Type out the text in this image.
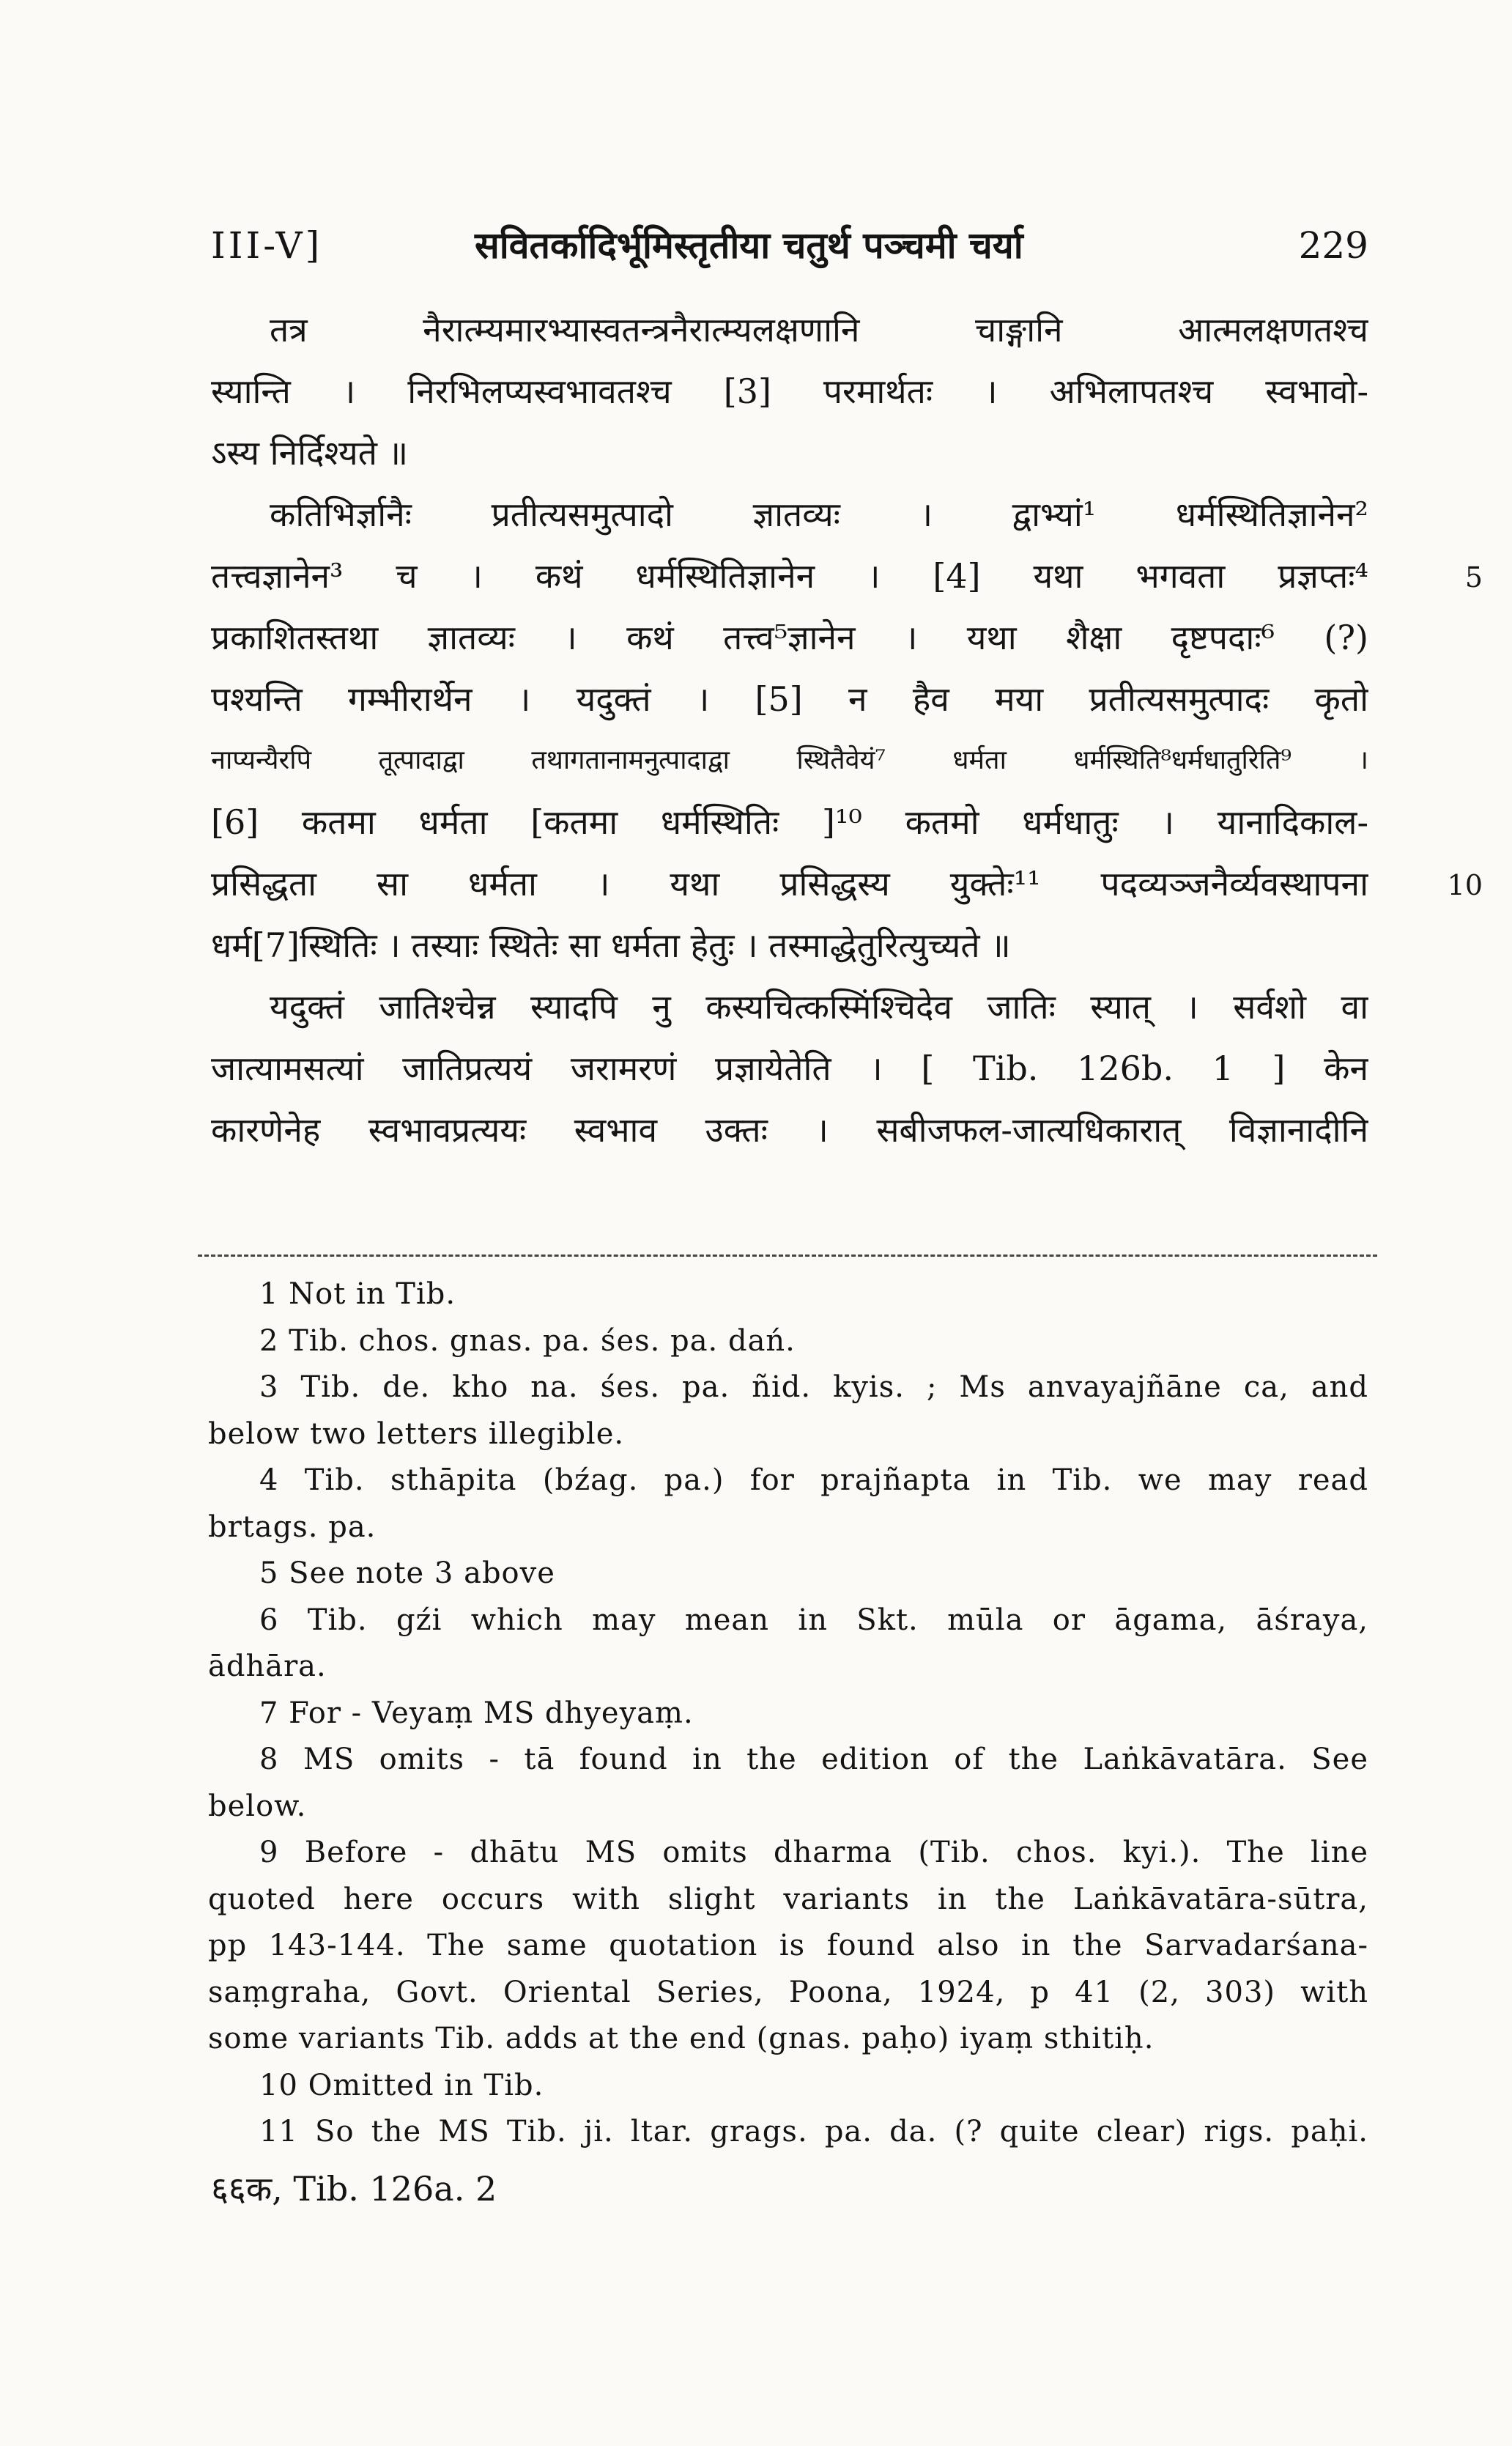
III-V]	सवितर्कादिर्भूमिस्तृतीया चतुर्थ पञ्चमी चर्या	229
तत्र नैरात्म्यमारभ्यास्वतन्त्रनैरात्म्यलक्षणानि चाङ्गानि आत्मलक्षणतश्च
स्यान्ति । निरभिलप्यस्वभावतश्च [3] परमार्थतः । अभिलापतश्च स्वभावो-
ऽस्य निर्दिश्यते ॥
कतिभिर्ज्ञानैः प्रतीत्यसमुत्पादो ज्ञातव्यः । द्वाभ्यां¹ धर्मस्थितिज्ञानेन²
तत्त्वज्ञानेन³ च । कथं धर्मस्थितिज्ञानेन । [4] यथा भगवता प्रज्ञप्तः⁴
प्रकाशितस्तथा ज्ञातव्यः । कथं तत्त्व⁵ज्ञानेन । यथा शैक्षा दृष्टपदाः⁶ (?)
पश्यन्ति गम्भीरार्थेन । यदुक्तं । [5] न हैव मया प्रतीत्यसमुत्पादः कृतो
नाप्यन्यैरपि तूत्पादाद्वा तथागतानामनुत्पादाद्वा स्थितैवेयं⁷ धर्मता धर्मस्थिति⁸धर्मधातुरिति⁹ ।
[6] कतमा धर्मता [कतमा धर्मस्थितिः ]¹⁰ कतमो धर्मधातुः । यानादिकाल-
प्रसिद्धता सा धर्मता । यथा प्रसिद्धस्य युक्तेः¹¹ पदव्यञ्जनैर्व्यवस्थापना
धर्म[7]स्थितिः । तस्याः स्थितेः सा धर्मता हेतुः । तस्माद्धेतुरित्युच्यते ॥
यदुक्तं जातिश्चेन्न स्यादपि नु कस्यचित्कस्मिंश्चिदेव जातिः स्यात् । सर्वशो वा
जात्यामसत्यां जातिप्रत्ययं जरामरणं प्रज्ञायेतेति । [ Tib. 126b. 1 ] केन
कारणेनेह स्वभावप्रत्ययः स्वभाव उक्तः । सबीजफल-जात्यधिकारात् विज्ञानादीनि
1 Not in Tib.
2 Tib. chos. gnas. pa. śes. pa. dań.
3 Tib. de. kho na. śes. pa. ñid. kyis. ; Ms anvayajñāne ca, and
below two letters illegible.
4 Tib. sthāpita (bźag. pa.) for prajñapta in Tib. we may read
brtags. pa.
5 See note 3 above
6 Tib. gźi which may mean in Skt. mūla or āgama, āśraya,
ādhāra.
7 For - Veyaṃ MS dhyeyaṃ.
8 MS omits - tā found in the edition of the Laṅkāvatāra. See
below.
9 Before - dhātu MS omits dharma (Tib. chos. kyi.). The line
quoted here occurs with slight variants in the Laṅkāvatāra-sūtra,
pp 143-144. The same quotation is found also in the Sarvadarśana-
saṃgraha, Govt. Oriental Series, Poona, 1924, p 41 (2, 303) with
some variants Tib. adds at the end (gnas. paḥo) iyaṃ sthitiḥ.
10 Omitted in Tib.
11 So the MS Tib. ji. ltar. grags. pa. da. (? quite clear) rigs. paḥi.
६६क, Tib. 126a. 2
5
10
